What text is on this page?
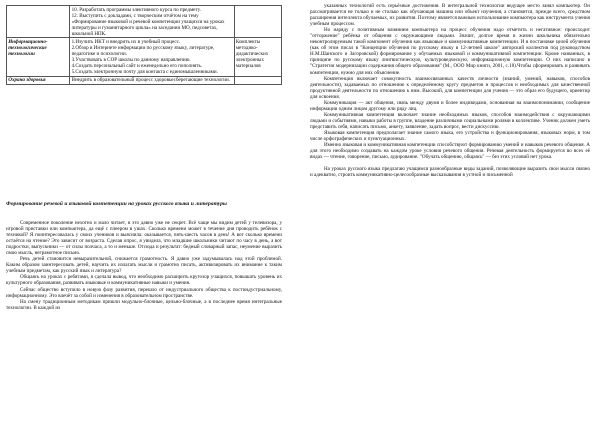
	10. Разработать программы элективного курса по предмету.
12. Выступить с докладами, с творческим отчётом на тему «Формирование языковой и речевой компетенции учащихся на уроках литературы и гуманитарного цикла» на заседании МО, педсоветах, школьной НПК.	

Информационно-технологические технологии	1.Изучить ИКТ и внедрить их в учебный процесс.
2.Обзор в Интернете информации по русскому языку, литературе, педагогике и психологии.
3.Участвовать в СОР школы по данному направлению.
4.Создать персональный сайт и еженедельно его пополнять.
5.Создать электронную почту для контакта с единомышленниками.	Комплекты методико-дидактических электронных материалов
Охрана здоровья	Внедрить в образовательный процесс здоровьесберегающие технологии.	

Формирование речевой и языковой компетенции на уроках русского языка и литературы

Современное поколение нехотно и мало читает, и это давно уже не секрет. Всё чаще мы видим детей у телевизора, у игровой приставки или компьютера, да ещё с плеером в ушах. Сколько времени может в течение дня проводить ребёнок с техникой? Я поинтересовалась у своих учеников и выяснила: оказывается, пять-шесть часов в день! А вот сколько времени остаётся на чтение? Это зависит от возраста. Сделав опрос, я увидела, что младшие школьники читают по часу в день, а вот подростки, выпускники — от силы полчаса, а то и меньше. Отсюда и результат: бедный словарный запас, неумение выразить свою мысль, неграмотное письмо.

Речь детей становится невыразительной, снижается грамотность. Я давно уже задумывалась над этой проблемой. Каким образом заинтересовать детей, научить их излагать мысли и грамотно писать, активизировать их внимание к таким учебным предметам, как русский язык и литература?

Общаясь на уроках с ребятами, я сделала вывод, что необходимо расширить кругозор учащихся, повышать уровень их культурного образования, развивать языковые и коммуникативные навыки и умения.

Сейчас общество вступило в новую фазу развития, перешло от индустриального общества к постиндустриальному, информационному. Это влечёт за собой и изменения в образовательном пространстве.

На смену традиционным методикам пришли модульно-блочные, цельно-блочные, а в последнее время интегральные технологии. В каждой из

указанных технологий есть серьёзные достижения. В интегральной технологии ведущее место занял компьютер. Он рассматривается не только и не столько как обучающая машина или объект изучения, а становится, прежде всего, средством расширения интеллекта обучаемых, их развития. Поэтому является важным использование компьютера как инструмента учения учебным процессом.

Но наряду с позитивным влиянием компьютера на процесс обучения надо отметить и негативное: происходит "отторжение" ребёнка от общения с окружающими людьми. Значит, долгое время в жизни школьника обязательно неконтролируемым такой компонент обучения как языковые и коммуникативные компетенции. И в постановке целей обучения (как об этом писал в "Концепции обучения по русскому языку в 12-летней школе" авторский коллектив под руководством Н.М.Шанского и Загоровской) формирование у обучаемых языковой и коммуникативной компетенции. Кроме названных, в принципе по русскому языку лингвистическую, культуроведческую, информационную компетенции. О них написано в "Стратегии модернизации содержания общего образования" (М., ООО Мир книги, 2001, с.18).Чтобы сформировать и развивать компетенции, нужно для них объяснение.

Компетенция включает совокупность взаимосвязанных качеств личности (знаний, умений, навыков, способов деятельности), задаваемых по отношению к определённому кругу предметов и процессов и необходимых для качественной продуктивной деятельности по отношению к ним. Высокий, для компетенции для учения — это образ его будущего, ориентир для освоения.

Коммуникация — акт общения, связь между двумя и более индивидами, основанная на взаимопонимании, сообщение информации одним лицом другому или ряду лиц.

Коммуникативная компетенция включает знание необходимых языков, способов взаимодействия с окружающими людьми и событиями, навыки работы в группе, владение различными социальными ролями в коллективе. Ученик должен уметь представить себя, написать письмо, анкету, заявление, задать вопрос, вести дискуссию.

Языковая компетенция предполагает знание самого языка, его устройства и функционирования, языковых норм, в том числе орфографических и пунктуационных.

Именно языковая и коммуникативная компетенции способствуют формированию умений и навыков речевого общения. А для этого необходимо создавать на каждом уроке условия речевого общения. Речевая деятельность формируется во всех её видах — чтение, говорение, письмо, аудирование. "Обучать общению, общаясь" — без этих условий нет урока.

На уроках русского языка предлагаю учащимся разнообразные виды заданий, позволяющие выразить свои мысли связно и адекватно, строить коммуникативно-целесообразные высказывания в устной и письменной
